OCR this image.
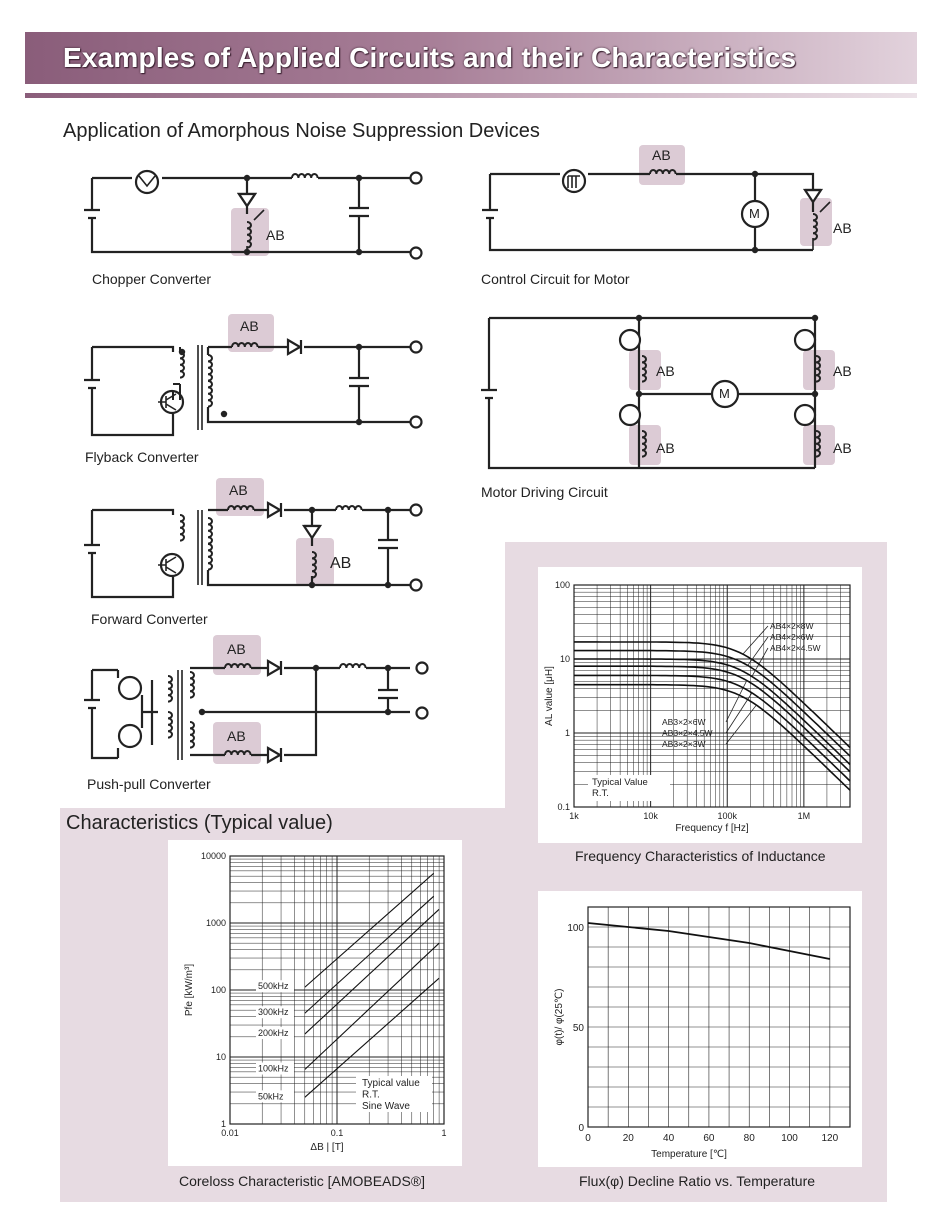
Examples of Applied Circuits and their Characteristics
Application of Amorphous Noise Suppression Devices
AB
AB
AB
M
AB
AB
AB
AB
AB
M
AB
AB
AB
AB
Chopper Converter	Control Circuit for Motor
Flyback Converter
Motor Driving Circuit
Forward Converter
Push-pull Converter
Characteristics (Typical value)	1k	10k	100k	1M
0.1
1
10
100
Frequency f [Hz]
AL value [μH]
AB4×2×8W
AB4×2×6W
AB4×2×4.5W
AB3×2×6W
AB3×2×4.5W
AB3×2×3W
Typical Value
R.T.
Frequency Characteristics of Inductance
0.01	0.1	1
1
10
100
1000
10000
ΔB | [T]
Pfe [kW/m³]	500kHz
300kHz
200kHz
100kHz
50kHz
Typical value
R.T.
Sine Wave
Coreloss Characteristic [AMOBEADS®]
0	20	40	60	80	100 120
0
50
100
Temperature [℃]
φ(t)/ φ(25℃)
Flux(φ) Decline Ratio vs. Temperature
